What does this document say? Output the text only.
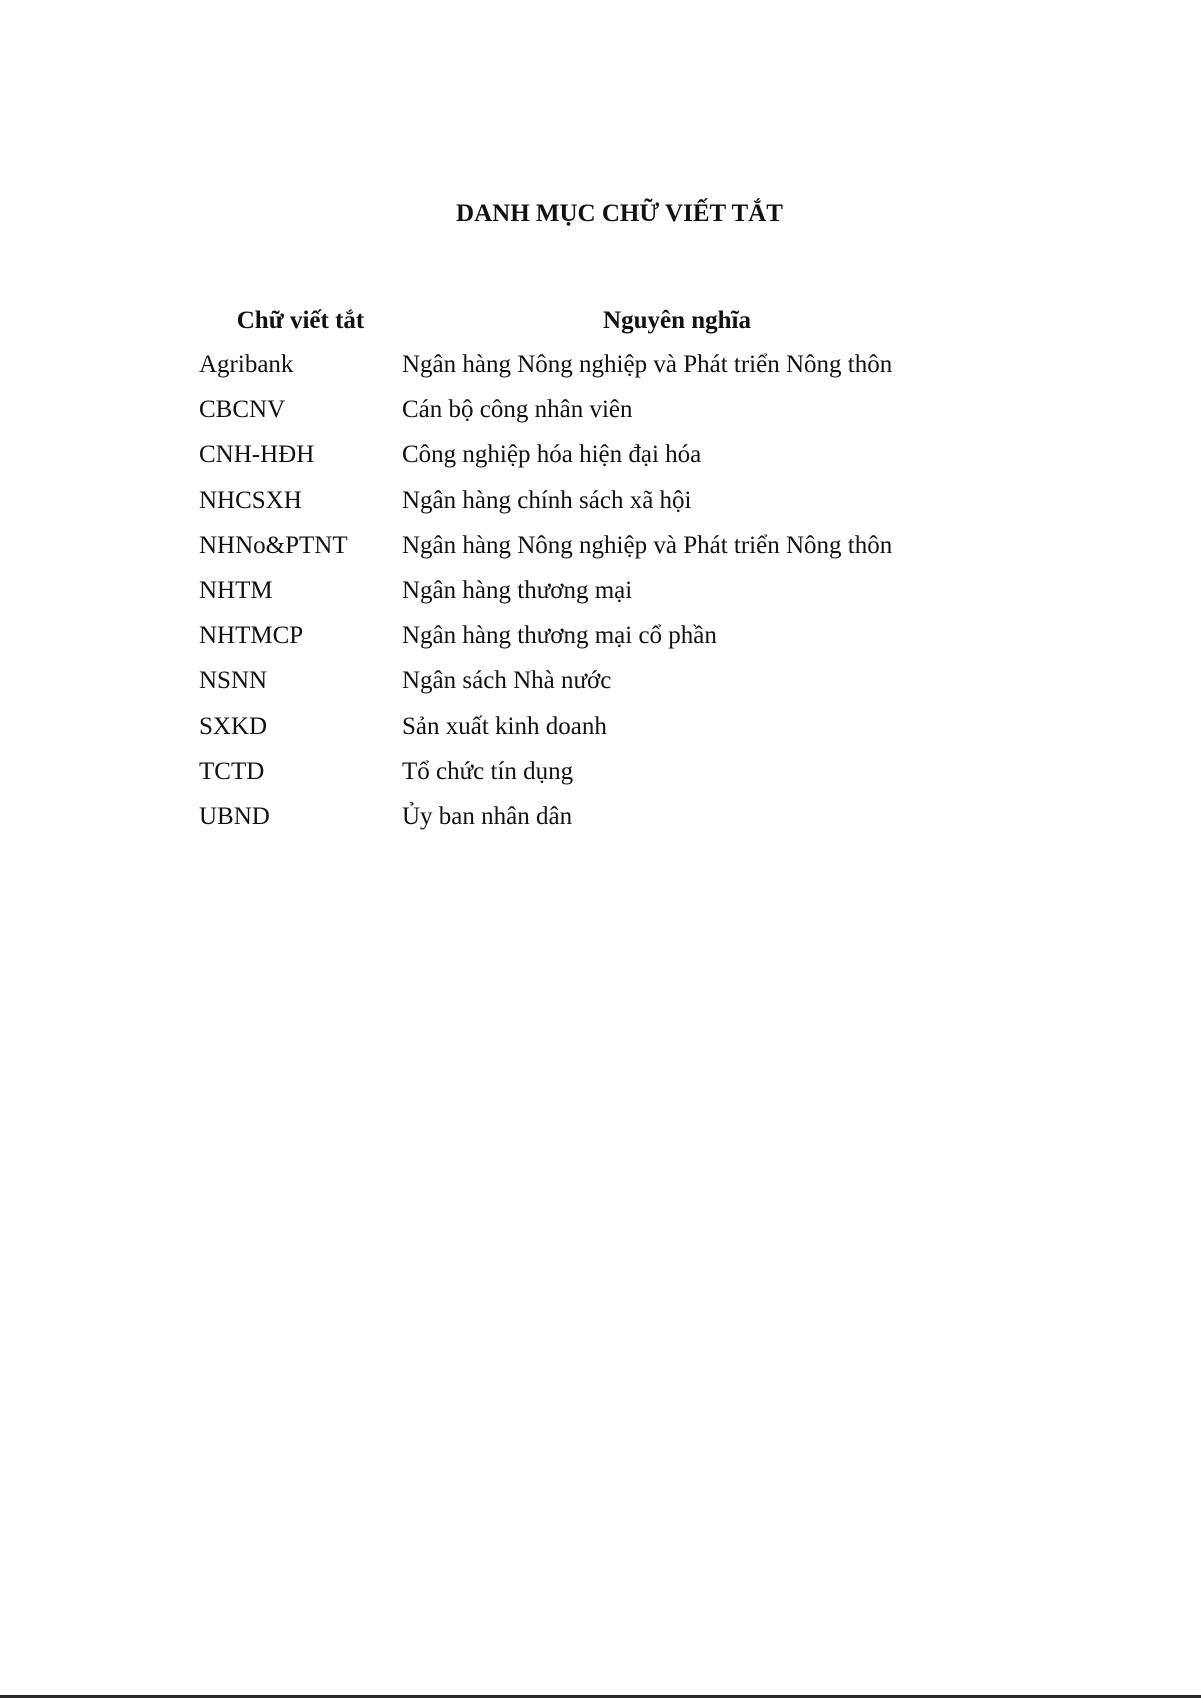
DANH MỤC CHỮ VIẾT TẮT
Chữ viết tắt	Nguyên nghĩa
Agribank	Ngân hàng Nông nghiệp và Phát triển Nông thôn
CBCNV	Cán bộ công nhân viên
CNH-HĐH	Công nghiệp hóa hiện đại hóa
NHCSXH	Ngân hàng chính sách xã hội
NHNo&PTNT	Ngân hàng Nông nghiệp và Phát triển Nông thôn
NHTM	Ngân hàng thương mại
NHTMCP	Ngân hàng thương mại cổ phần
NSNN	Ngân sách Nhà nước
SXKD	Sản xuất kinh doanh
TCTD	Tổ chức tín dụng
UBND	Ủy ban nhân dân
